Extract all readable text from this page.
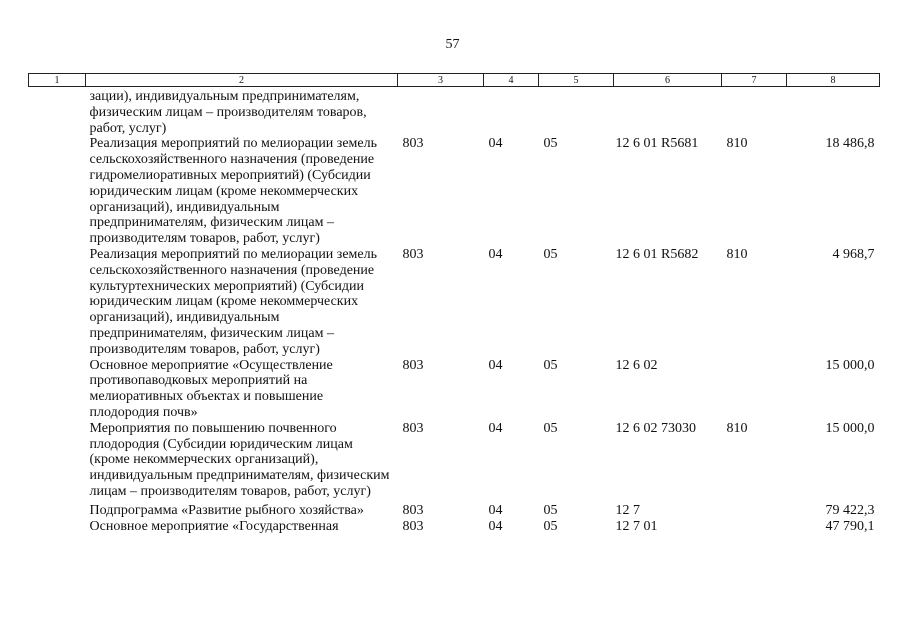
57
1	2	3	4	5	6	7	8
	зации), индивидуальным предпринимателям, физическим лицам – производителям товаров, работ, услуг)						
	Реализация мероприятий по мелиорации земель сельскохозяйственного назначения (проведение гидромелиоративных мероприятий) (Субсидии юридическим лицам (кроме некоммерческих организаций), индивидуальным предпринимателям, физическим лицам – производителям товаров, работ, услуг)	803	04	05	12 6 01 R5681	810	18 486,8
	Реализация мероприятий по мелиорации земель сельскохозяйственного назначения (проведение культуртехнических мероприятий) (Субсидии юридическим лицам (кроме некоммерческих организаций), индивидуальным предпринимателям, физическим лицам – производителям товаров, работ, услуг)	803	04	05	12 6 01 R5682	810	4 968,7
	Основное мероприятие «Осуществление противопаводковых мероприятий на мелиоративных объектах и повышение плодородия почв»	803	04	05	12 6 02		15 000,0
	Мероприятия по повышению почвенного плодородия (Субсидии юридическим лицам (кроме некоммерческих организаций), индивидуальным предпринимателям, физическим лицам – производителям товаров, работ, услуг)	803	04	05	12 6 02 73030	810	15 000,0
	Подпрограмма «Развитие рыбного хозяйства»	803	04	05	12 7		79 422,3
	Основное мероприятие «Государственная	803	04	05	12 7 01		47 790,1
